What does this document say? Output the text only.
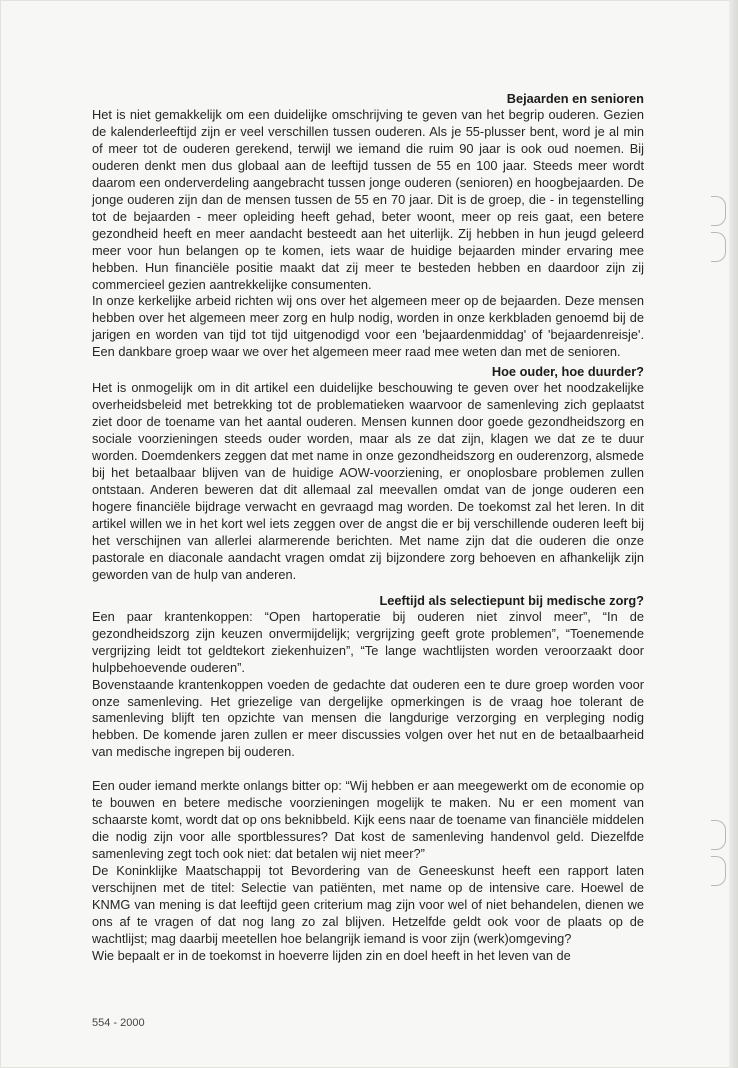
Bejaarden en senioren

Het is niet gemakkelijk om een duidelijke omschrijving te geven van het begrip ouderen. Gezien de kalenderleeftijd zijn er veel verschillen tussen ouderen. Als je 55-plusser bent, word je al min of meer tot de ouderen gerekend, terwijl we iemand die ruim 90 jaar is ook oud noemen. Bij ouderen denkt men dus globaal aan de leeftijd tussen de 55 en 100 jaar. Steeds meer wordt daarom een onderverdeling aangebracht tussen jonge ouderen (senioren) en hoogbejaarden. De jonge ouderen zijn dan de mensen tussen de 55 en 70 jaar. Dit is de groep, die - in tegenstelling tot de bejaarden - meer opleiding heeft gehad, beter woont, meer op reis gaat, een betere gezondheid heeft en meer aandacht besteedt aan het uiterlijk. Zij hebben in hun jeugd geleerd meer voor hun belangen op te komen, iets waar de huidige bejaarden minder ervaring mee hebben. Hun financiële positie maakt dat zij meer te besteden hebben en daardoor zijn zij commercieel gezien aantrekkelijke consumenten.

In onze kerkelijke arbeid richten wij ons over het algemeen meer op de bejaarden. Deze mensen hebben over het algemeen meer zorg en hulp nodig, worden in onze kerkbladen genoemd bij de jarigen en worden van tijd tot tijd uitgenodigd voor een 'bejaardenmiddag' of 'bejaardenreisje'. Een dankbare groep waar we over het algemeen meer raad mee weten dan met de senioren.

Hoe ouder, hoe duurder?

Het is onmogelijk om in dit artikel een duidelijke beschouwing te geven over het noodzakelijke overheidsbeleid met betrekking tot de problematieken waarvoor de samenleving zich geplaatst ziet door de toename van het aantal ouderen. Mensen kunnen door goede gezondheidszorg en sociale voorzieningen steeds ouder worden, maar als ze dat zijn, klagen we dat ze te duur worden. Doemdenkers zeggen dat met name in onze gezondheidszorg en ouderenzorg, alsmede bij het betaalbaar blijven van de huidige AOW-voorziening, er onoplosbare problemen zullen ontstaan. Anderen beweren dat dit allemaal zal meevallen omdat van de jonge ouderen een hogere financiële bijdrage verwacht en gevraagd mag worden. De toekomst zal het leren. In dit artikel willen we in het kort wel iets zeggen over de angst die er bij verschillende ouderen leeft bij het verschijnen van allerlei alarmerende berichten. Met name zijn dat die ouderen die onze pastorale en diaconale aandacht vragen omdat zij bijzondere zorg behoeven en afhankelijk zijn geworden van de hulp van anderen.

Leeftijd als selectiepunt bij medische zorg?

Een paar krantenkoppen: “Open hartoperatie bij ouderen niet zinvol meer”, “In de gezondheidszorg zijn keuzen onvermijdelijk; vergrijzing geeft grote problemen”, “Toenemende vergrijzing leidt tot geldtekort ziekenhuizen”, “Te lange wachtlijsten worden veroorzaakt door hulpbehoevende ouderen”.

Bovenstaande krantenkoppen voeden de gedachte dat ouderen een te dure groep worden voor onze samenleving. Het griezelige van dergelijke opmerkingen is de vraag hoe tolerant de samenleving blijft ten opzichte van mensen die langdurige verzorging en verpleging nodig hebben. De komende jaren zullen er meer discussies volgen over het nut en de betaalbaarheid van medische ingrepen bij ouderen.

Een ouder iemand merkte onlangs bitter op: “Wij hebben er aan meegewerkt om de economie op te bouwen en betere medische voorzieningen mogelijk te maken. Nu er een moment van schaarste komt, wordt dat op ons beknibbeld. Kijk eens naar de toename van financiële middelen die nodig zijn voor alle sportblessures? Dat kost de samenleving handenvol geld. Diezelfde samenleving zegt toch ook niet: dat betalen wij niet meer?”

De Koninklijke Maatschappij tot Bevordering van de Geneeskunst heeft een rapport laten verschijnen met de titel: Selectie van patiënten, met name op de intensive care. Hoewel de KNMG van mening is dat leeftijd geen criterium mag zijn voor wel of niet behandelen, dienen we ons af te vragen of dat nog lang zo zal blijven. Hetzelfde geldt ook voor de plaats op de wachtlijst; mag daarbij meetellen hoe belangrijk iemand is voor zijn (werk)omgeving?

Wie bepaalt er in de toekomst in hoeverre lijden zin en doel heeft in het leven van de

554 - 2000
